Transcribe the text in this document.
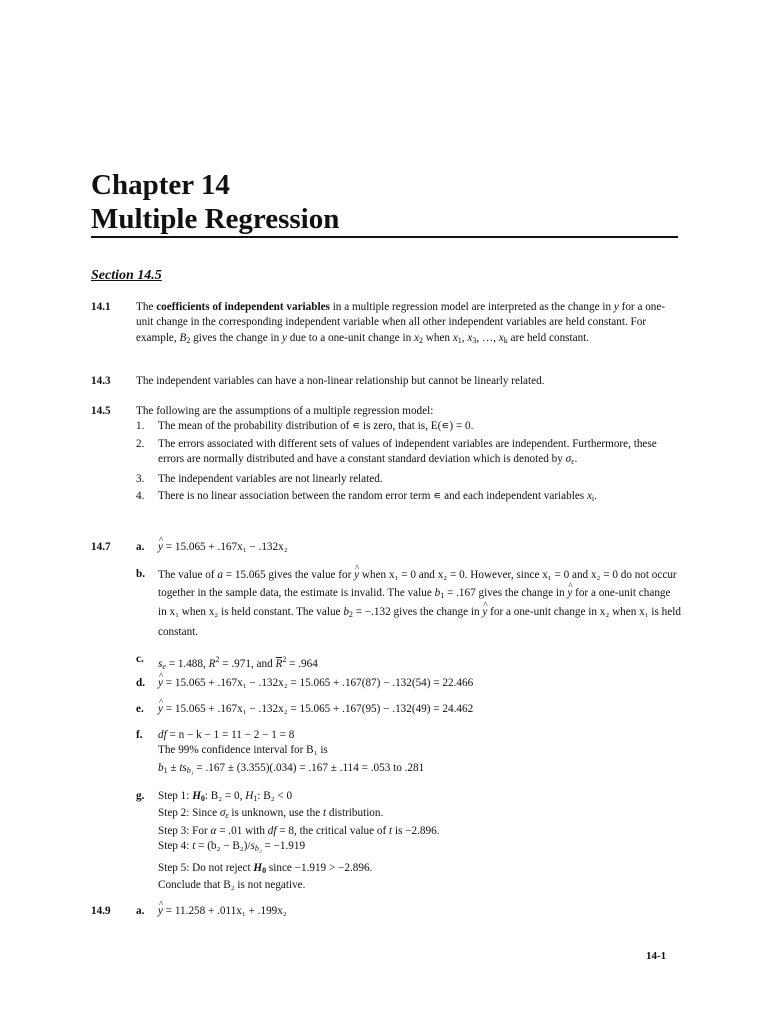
Chapter 14
Multiple Regression
Section 14.5
14.1 The coefficients of independent variables in a multiple regression model are interpreted as the change in y for a one-unit change in the corresponding independent variable when all other independent variables are held constant. For example, $B_2$ gives the change in y due to a one-unit change in $x_2$ when $x_1$, $x_3$, …, $x_k$ are held constant.
14.3 The independent variables can have a non-linear relationship but cannot be linearly related.
14.5 The following are the assumptions of a multiple regression model:
1. The mean of the probability distribution of ∊ is zero, that is, E(∊) = 0.
2. The errors associated with different sets of values of independent variables are independent. Furthermore, these errors are normally distributed and have a constant standard deviation which is denoted by $\sigma_\varepsilon$.
3. The independent variables are not linearly related.
4. There is no linear association between the random error term ∊ and each independent variables $x_i$.
14.7 a. ^ y = 15.065 + .167x₁ − .132x₂
b. The value of a = 15.065 gives the value for ^ y when x₁ = 0 and x₂ = 0. However, since x₁ = 0 and x₂ = 0 do not occur together in the sample data, the estimate is invalid. The value $b_1 = .167$ gives the change in ^ y for a one-unit change in x₁ when x₂ is held constant. The value $b_2 = -.132$ gives the change in ^ y for a one-unit change in x₂ when x₁ is held constant.
c. $s_e = 1.488$, $R^2 = .971$, and $R^2 = .964$
d. ^ y = 15.065 + .167x₁ − .132x₂ = 15.065 + .167(87) − .132(54) = 22.466
e. ^ y = 15.065 + .167x₁ − .132x₂ = 15.065 + .167(95) − .132(49) = 24.462
f. df = n − k − 1 = 11 − 2 − 1 = 8
The 99% confidence interval for B₁ is
$b_1 \pm ts_{b_1} = .167 \pm (3.355)(.034) = .167 \pm .114 = .053$ to .281
g. Step 1: $H_0$: B₂ = 0, $H_1$: B₂ < 0
Step 2: Since $\sigma_\varepsilon$ is unknown, use the t distribution.
Step 3: For α = .01 with df = 8, the critical value of t is −2.896.
Step 4: $t = (b_2 - B_2)/s_{b_2} = -1.919$
Step 5: Do not reject $H_0$ since −1.919 > −2.896.
Conclude that B₂ is not negative.
14.9 a. ^ y = 11.258 + .011x₁ + .199x₂
14-1
